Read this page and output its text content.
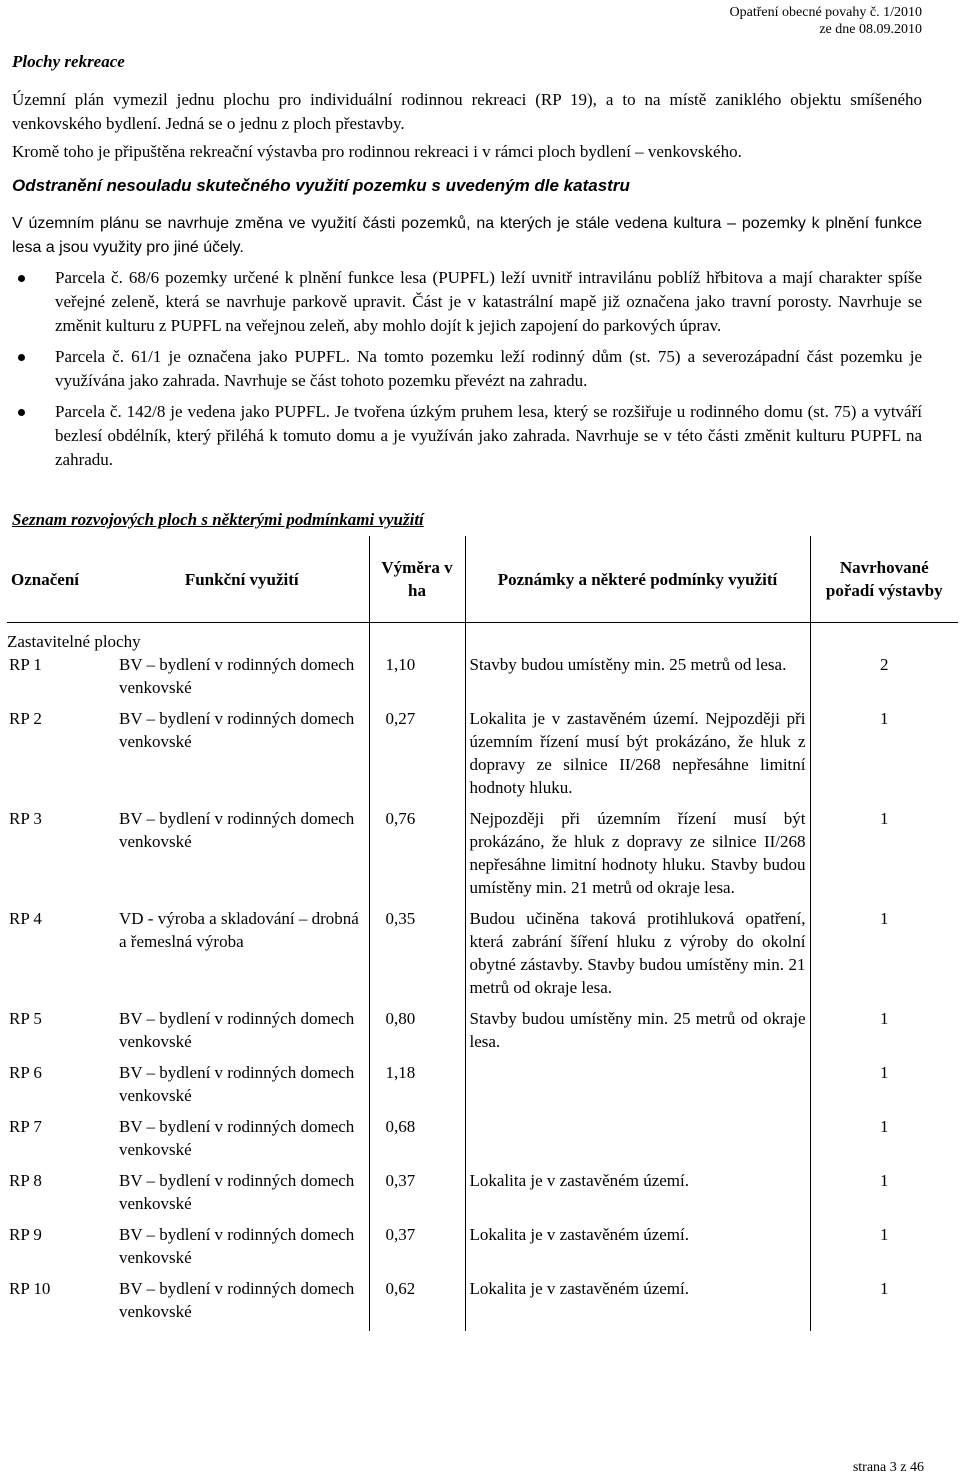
Opatření obecné povahy č. 1/2010
ze dne 08.09.2010
Plochy rekreace
Územní plán vymezil jednu plochu pro individuální rodinnou rekreaci (RP 19), a to na místě zaniklého objektu smíšeného venkovského bydlení. Jedná se o jednu z ploch přestavby.
Kromě toho je připuštěna rekreační výstavba pro rodinnou rekreaci i v rámci ploch bydlení – venkovského.
Odstranění nesouladu skutečného využití pozemku s uvedeným dle katastru
V územním plánu se navrhuje změna ve využití části pozemků, na kterých je stále vedena kultura – pozemky k plnění funkce lesa a jsou využity pro jiné účely.
Parcela č. 68/6 pozemky určené k plnění funkce lesa (PUPFL) leží uvnitř intravilánu poblíž hřbitova a mají charakter spíše veřejné zeleně, která se navrhuje parkově upravit. Část je v katastrální mapě již označena jako travní porosty. Navrhuje se změnit kulturu z PUPFL na veřejnou zeleň, aby mohlo dojít k jejich zapojení do parkových úprav.
Parcela č. 61/1 je označena jako PUPFL. Na tomto pozemku leží rodinný dům (st. 75) a severozápadní část pozemku je využívána jako zahrada. Navrhuje se část tohoto pozemku převézt na zahradu.
Parcela č. 142/8 je vedena jako PUPFL. Je tvořena úzkým pruhem lesa, který se rozšiřuje u rodinného domu (st. 75) a vytváří bezlesí obdélník, který přiléhá k tomuto domu a je využíván jako zahrada. Navrhuje se v této části změnit kulturu PUPFL na zahradu.
Seznam rozvojových ploch s některými podmínkami využití
Označení	Funkční využití	Výměra v ha	Poznámky a některé podmínky využití	Navrhované pořadí výstavby
Zastavitelné plochy				
RP 1	BV – bydlení v rodinných domech venkovské	1,10	Stavby budou umístěny min. 25 metrů od lesa.	2
RP 2	BV – bydlení v rodinných domech venkovské	0,27	Lokalita je v zastavěném území. Nejpozději při územním řízení musí být prokázáno, že hluk z dopravy ze silnice II/268 nepřesáhne limitní hodnoty hluku.	1
RP 3	BV – bydlení v rodinných domech venkovské	0,76	Nejpozději při územním řízení musí být prokázáno, že hluk z dopravy ze silnice II/268 nepřesáhne limitní hodnoty hluku. Stavby budou umístěny min. 21 metrů od okraje lesa.	1
RP 4	VD - výroba a skladování – drobná a řemeslná výroba	0,35	Budou učiněna taková protihluková opatření, která zabrání šíření hluku z výroby do okolní obytné zástavby. Stavby budou umístěny min. 21 metrů od okraje lesa.	1
RP 5	BV – bydlení v rodinných domech venkovské	0,80	Stavby budou umístěny min. 25 metrů od okraje lesa.	1
RP 6	BV – bydlení v rodinných domech venkovské	1,18		1
RP 7	BV – bydlení v rodinných domech venkovské	0,68		1
RP 8	BV – bydlení v rodinných domech venkovské	0,37	Lokalita je v zastavěném území.	1
RP 9	BV – bydlení v rodinných domech venkovské	0,37	Lokalita je v zastavěném území.	1
RP 10	BV – bydlení v rodinných domech venkovské	0,62	Lokalita je v zastavěném území.	1
strana 3 z 46
